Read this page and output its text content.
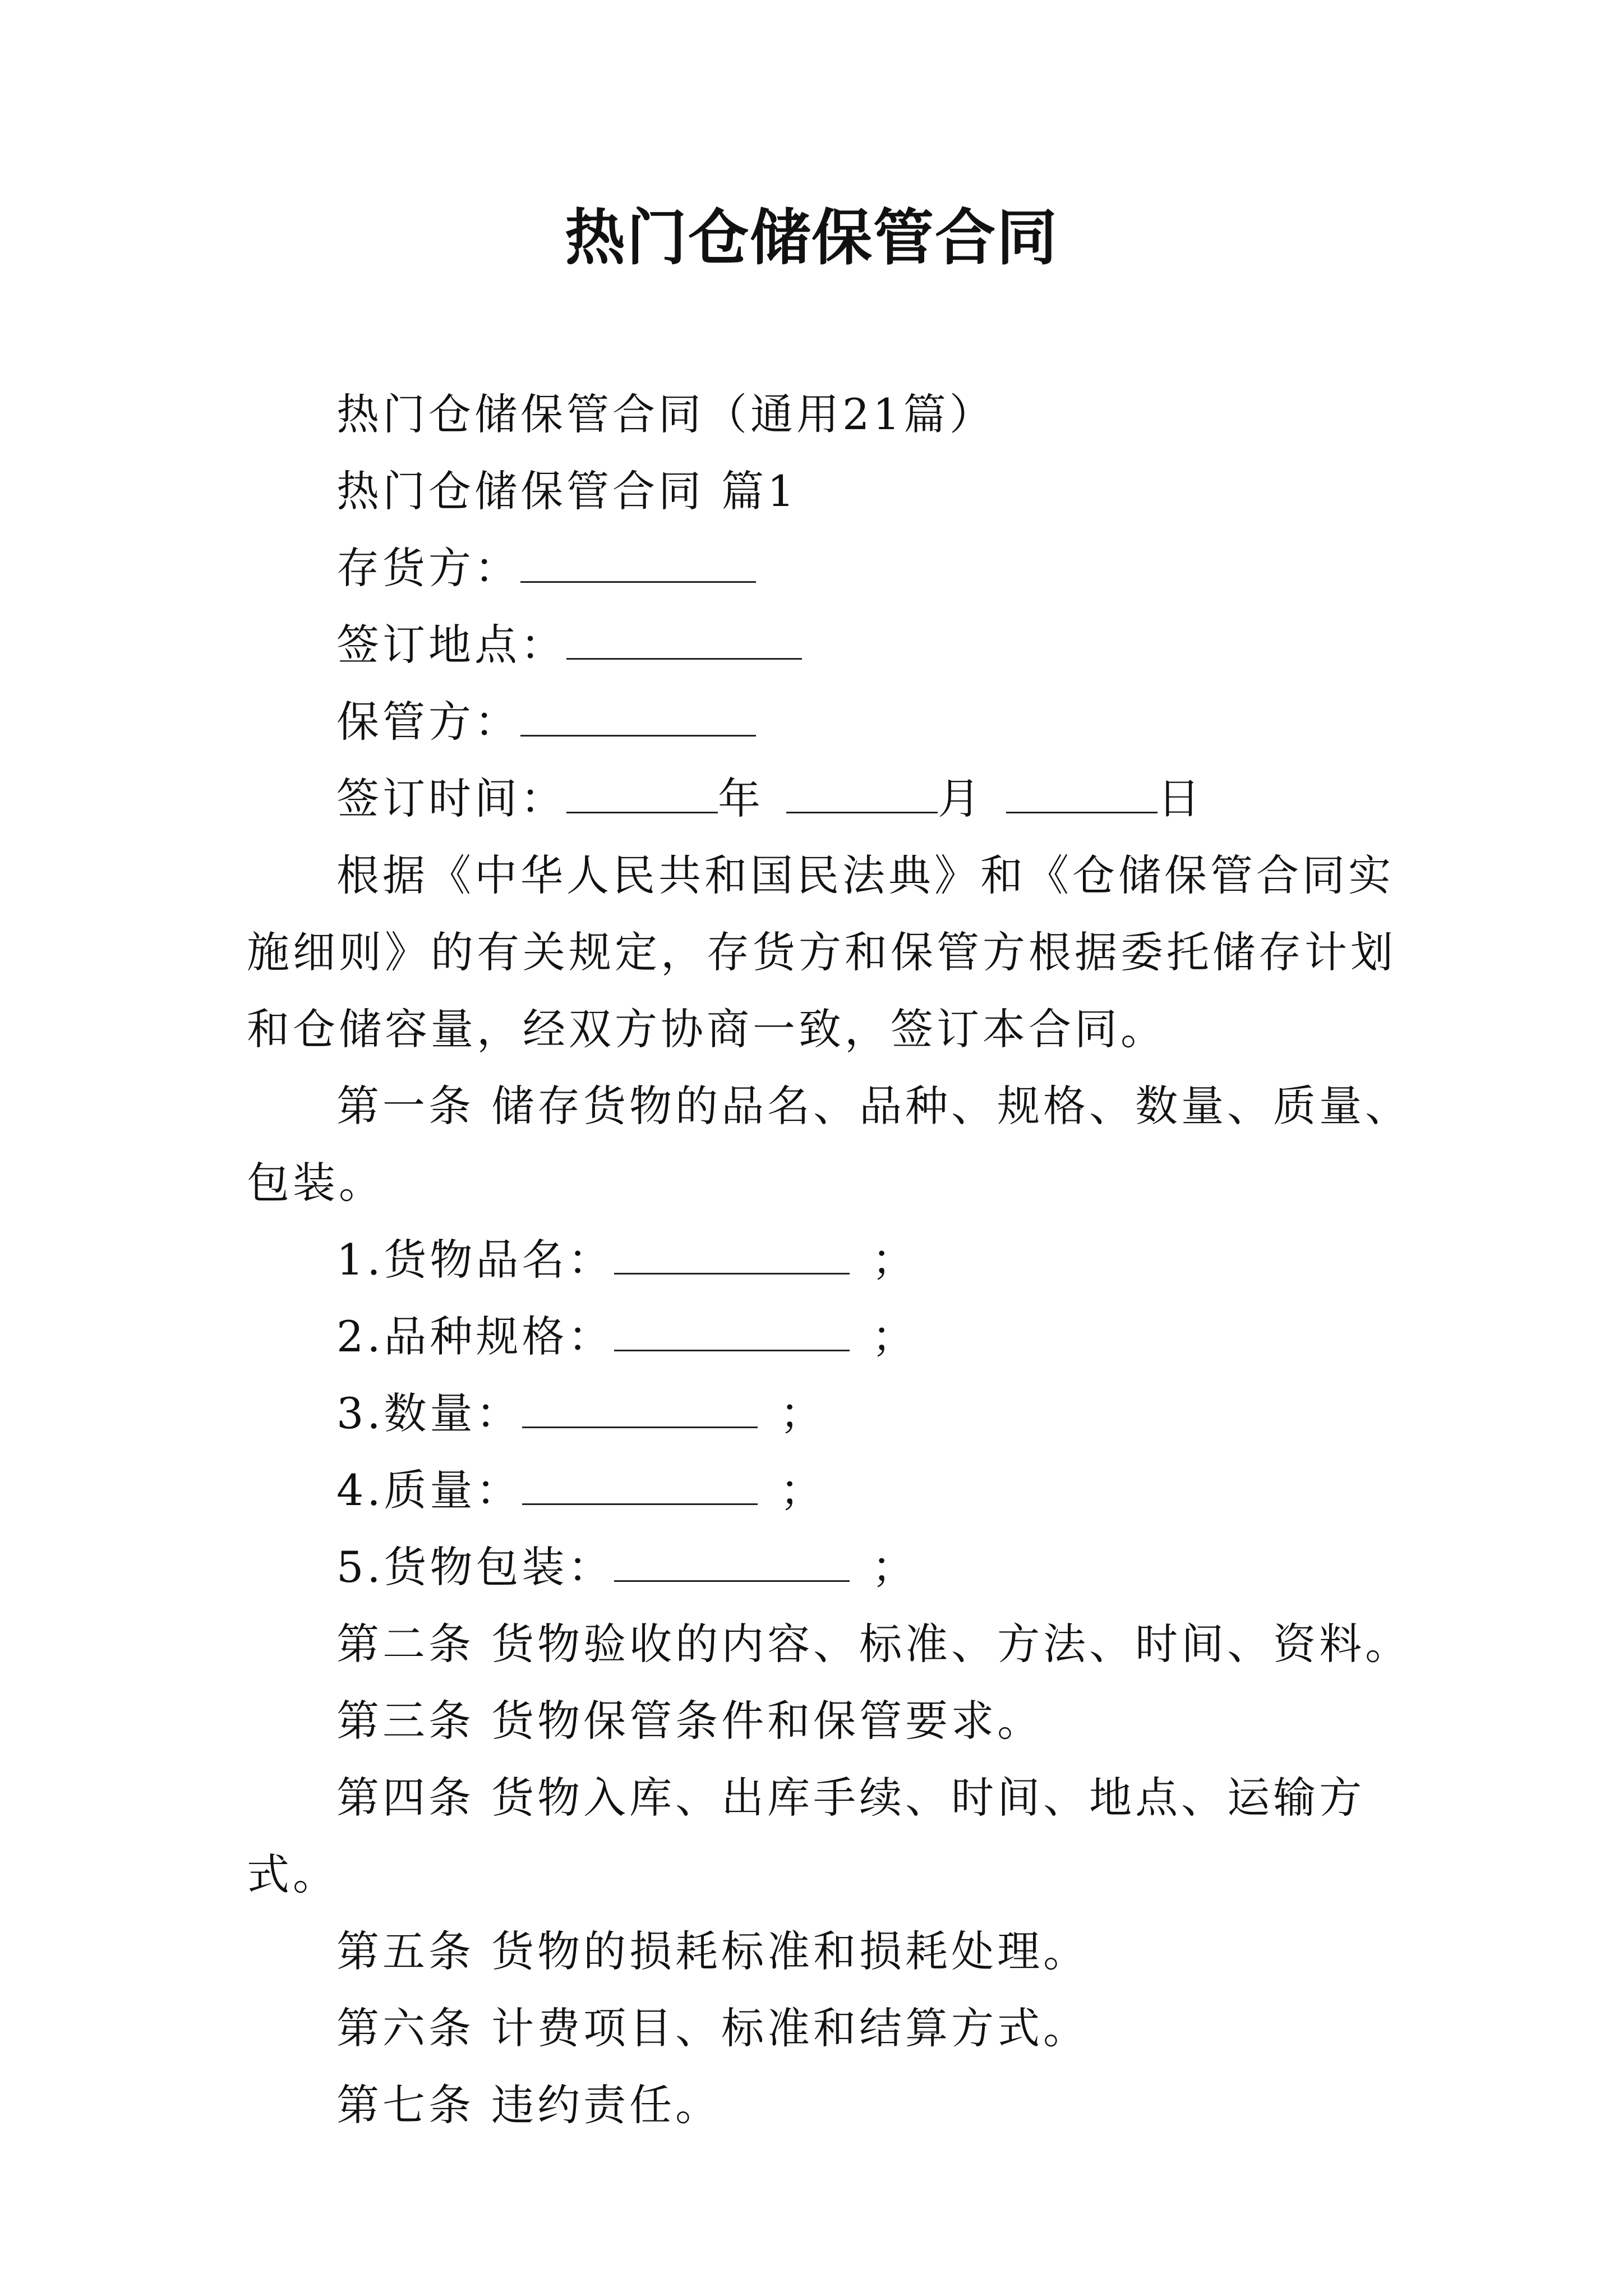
热门仓储保管合同

热门仓储保管合同（通用21篇）

热门仓储保管合同 篇1

存货方：

签订地点：

保管方：

签订时间：	年	月	日

根据《中华人民共和国民法典》和《仓储保管合同实施细则》的有关规定，存货方和保管方根据委托储存计划和仓储容量，经双方协商一致，签订本合同。

第一条 储存货物的品名、品种、规格、数量、质量、包装。

1.货物品名：	；

2.品种规格：	；

3.数量：	；

4.质量：	；

5.货物包装：	；

第二条 货物验收的内容、标准、方法、时间、资料。

第三条 货物保管条件和保管要求。

第四条 货物入库、出库手续、时间、地点、运输方式。

第五条 货物的损耗标准和损耗处理。

第六条 计费项目、标准和结算方式。

第七条 违约责任。
